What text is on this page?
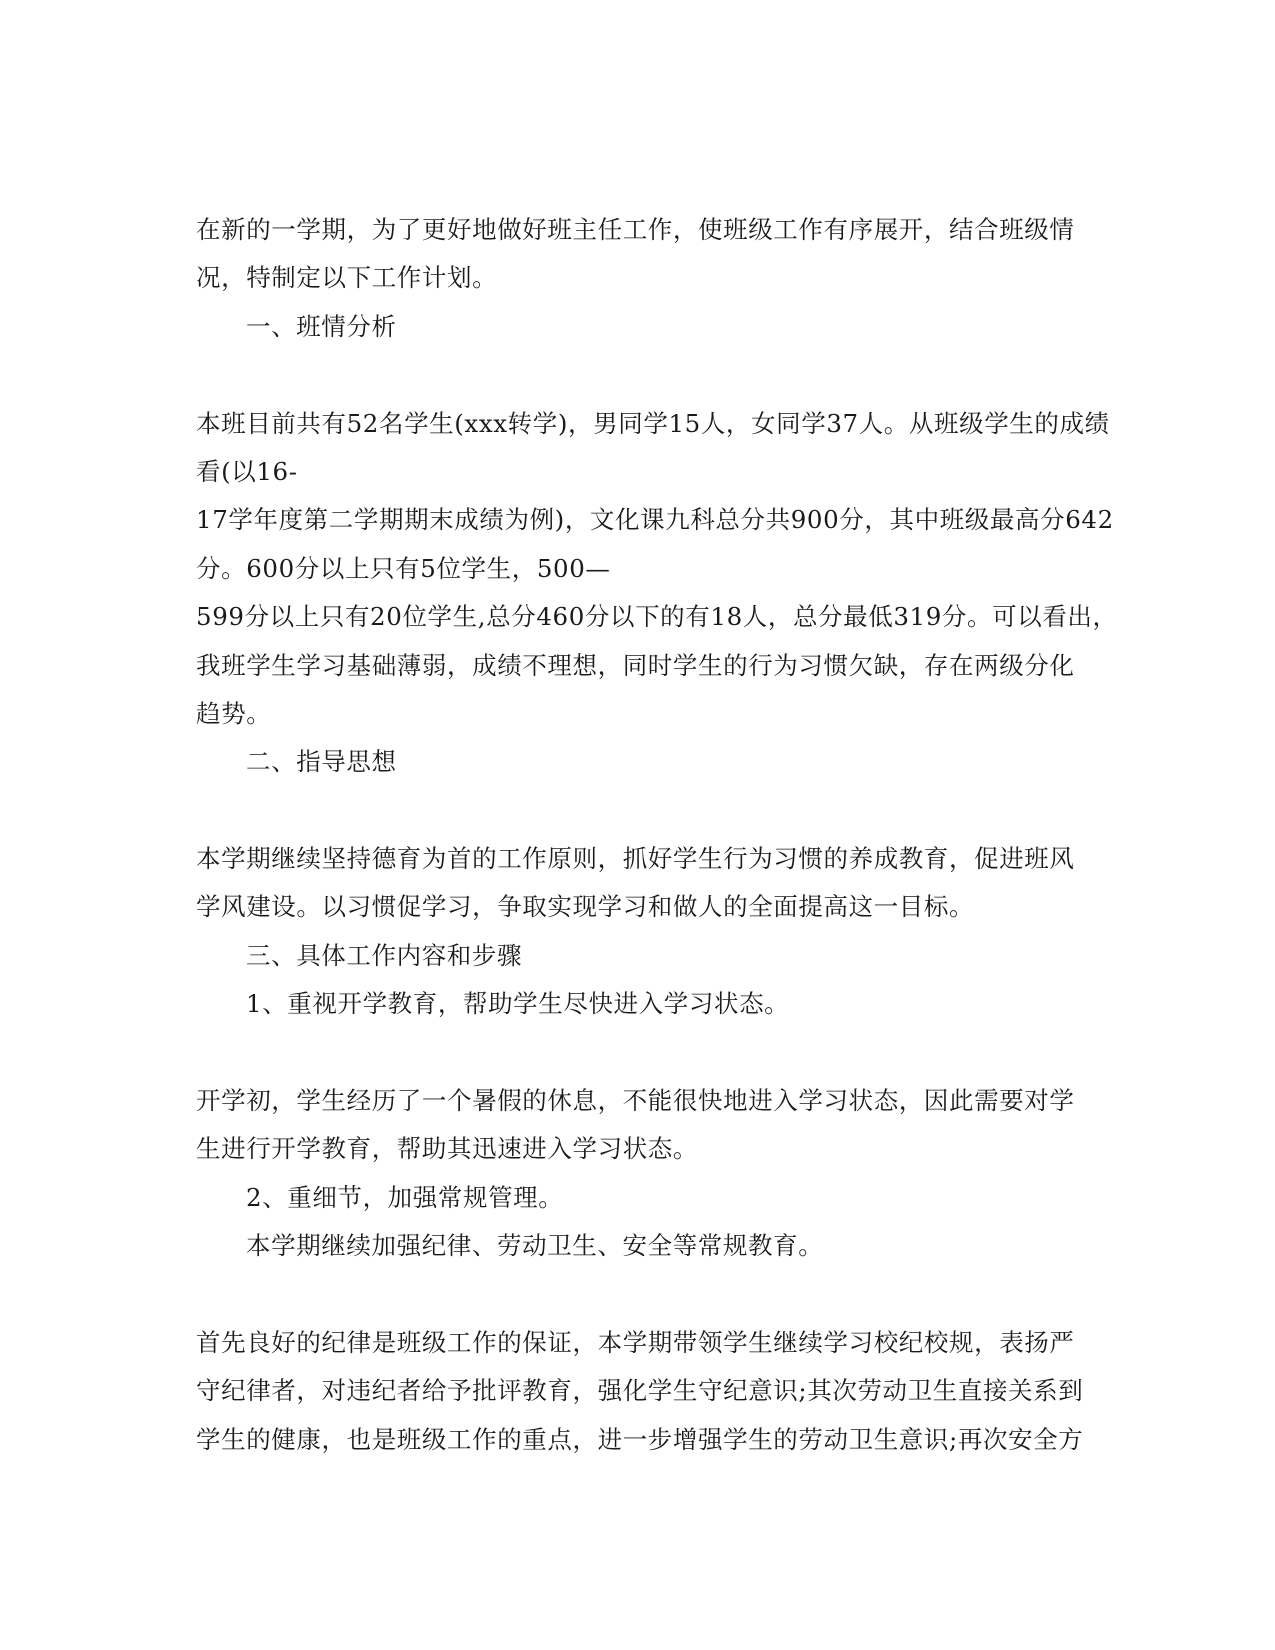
在新的一学期，为了更好地做好班主任工作，使班级工作有序展开，结合班级情
况，特制定以下工作计划。
一、班情分析
本班目前共有52名学生(xxx转学)，男同学15人，女同学37人。从班级学生的成绩
看(以16-
17学年度第二学期期末成绩为例)，文化课九科总分共900分，其中班级最高分642
分。600分以上只有5位学生，500—
599分以上只有20位学生,总分460分以下的有18人，总分最低319分。可以看出，
我班学生学习基础薄弱，成绩不理想，同时学生的行为习惯欠缺，存在两级分化
趋势。
二、指导思想
本学期继续坚持德育为首的工作原则，抓好学生行为习惯的养成教育，促进班风
学风建设。以习惯促学习，争取实现学习和做人的全面提高这一目标。
三、具体工作内容和步骤
1、重视开学教育，帮助学生尽快进入学习状态。
开学初，学生经历了一个暑假的休息，不能很快地进入学习状态，因此需要对学
生进行开学教育，帮助其迅速进入学习状态。
2、重细节，加强常规管理。
本学期继续加强纪律、劳动卫生、安全等常规教育。
首先良好的纪律是班级工作的保证，本学期带领学生继续学习校纪校规，表扬严
守纪律者，对违纪者给予批评教育，强化学生守纪意识;其次劳动卫生直接关系到
学生的健康，也是班级工作的重点，进一步增强学生的劳动卫生意识;再次安全方
